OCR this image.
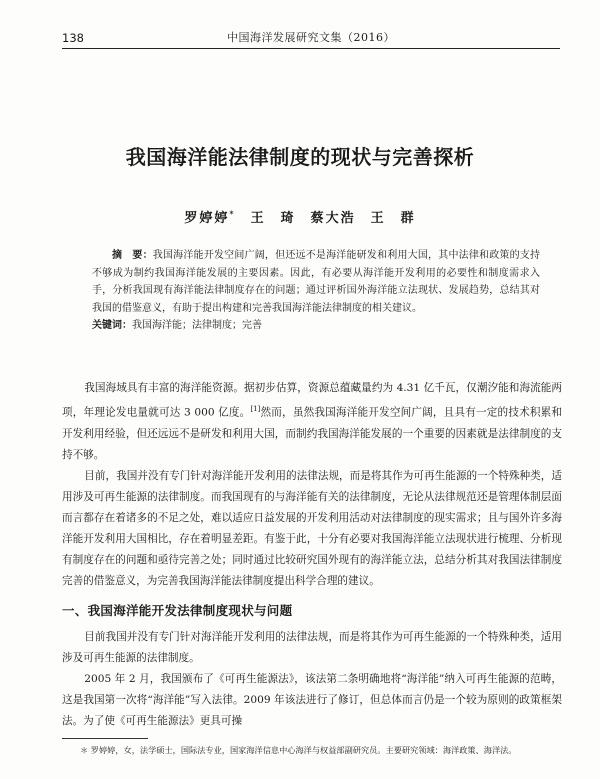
138	中国海洋发展研究文集（2016）
我国海洋能法律制度的现状与完善探析
罗婷婷*　 王　琦　蔡大浩　王　群

摘　要：我国海洋能开发空间广阔，但还远不是海洋能研发和利用大国，其中法律和政策的支持不够成为制约我国海洋能发展的主要因素。因此，有必要从海洋能开发利用的必要性和制度需求入手，分析我国现有海洋能法律制度存在的问题；通过评析国外海洋能立法现状、发展趋势，总结其对我国的借鉴意义，有助于提出构建和完善我国海洋能法律制度的相关建议。

关键词：我国海洋能；法律制度；完善

我国海域具有丰富的海洋能资源。据初步估算，资源总蕴藏量约为 4.31 亿千瓦，仅潮汐能和海流能两项，年理论发电量就可达 3 000 亿度。[1]然而，虽然我国海洋能开发空间广阔，且具有一定的技术积累和开发利用经验，但还远远不是研发和利用大国，而制约我国海洋能发展的一个重要的因素就是法律制度的支持不够。

目前，我国并没有专门针对海洋能开发利用的法律法规，而是将其作为可再生能源的一个特殊种类，适用涉及可再生能源的法律制度。而我国现有的与海洋能有关的法律制度，无论从法律规范还是管理体制层面而言都存在着诸多的不足之处，难以适应日益发展的开发利用活动对法律制度的现实需求；且与国外许多海洋能开发利用大国相比，存在着明显差距。有鉴于此，十分有必要对我国海洋能立法现状进行梳理、分析现有制度存在的问题和亟待完善之处；同时通过比较研究国外现有的海洋能立法，总结分析其对我国法律制度完善的借鉴意义，为完善我国海洋能法律制度提出科学合理的建议。

一、我国海洋能开发法律制度现状与问题

目前我国并没有专门针对海洋能开发利用的法律法规，而是将其作为可再生能源的一个特殊种类，适用涉及可再生能源的法律制度。

2005 年 2 月，我国颁布了《可再生能源法》，该法第二条明确地将“海洋能”纳入可再生能源的范畴，这是我国第一次将“海洋能”写入法律。2009 年该法进行了修订，但总体而言仍是一个较为原则的政策框架法。为了使《可再生能源法》更具可操

＊ 罗婷婷，女，法学硕士，国际法专业，国家海洋信息中心海洋与权益部副研究员。主要研究领域：海洋政策、海洋法。
